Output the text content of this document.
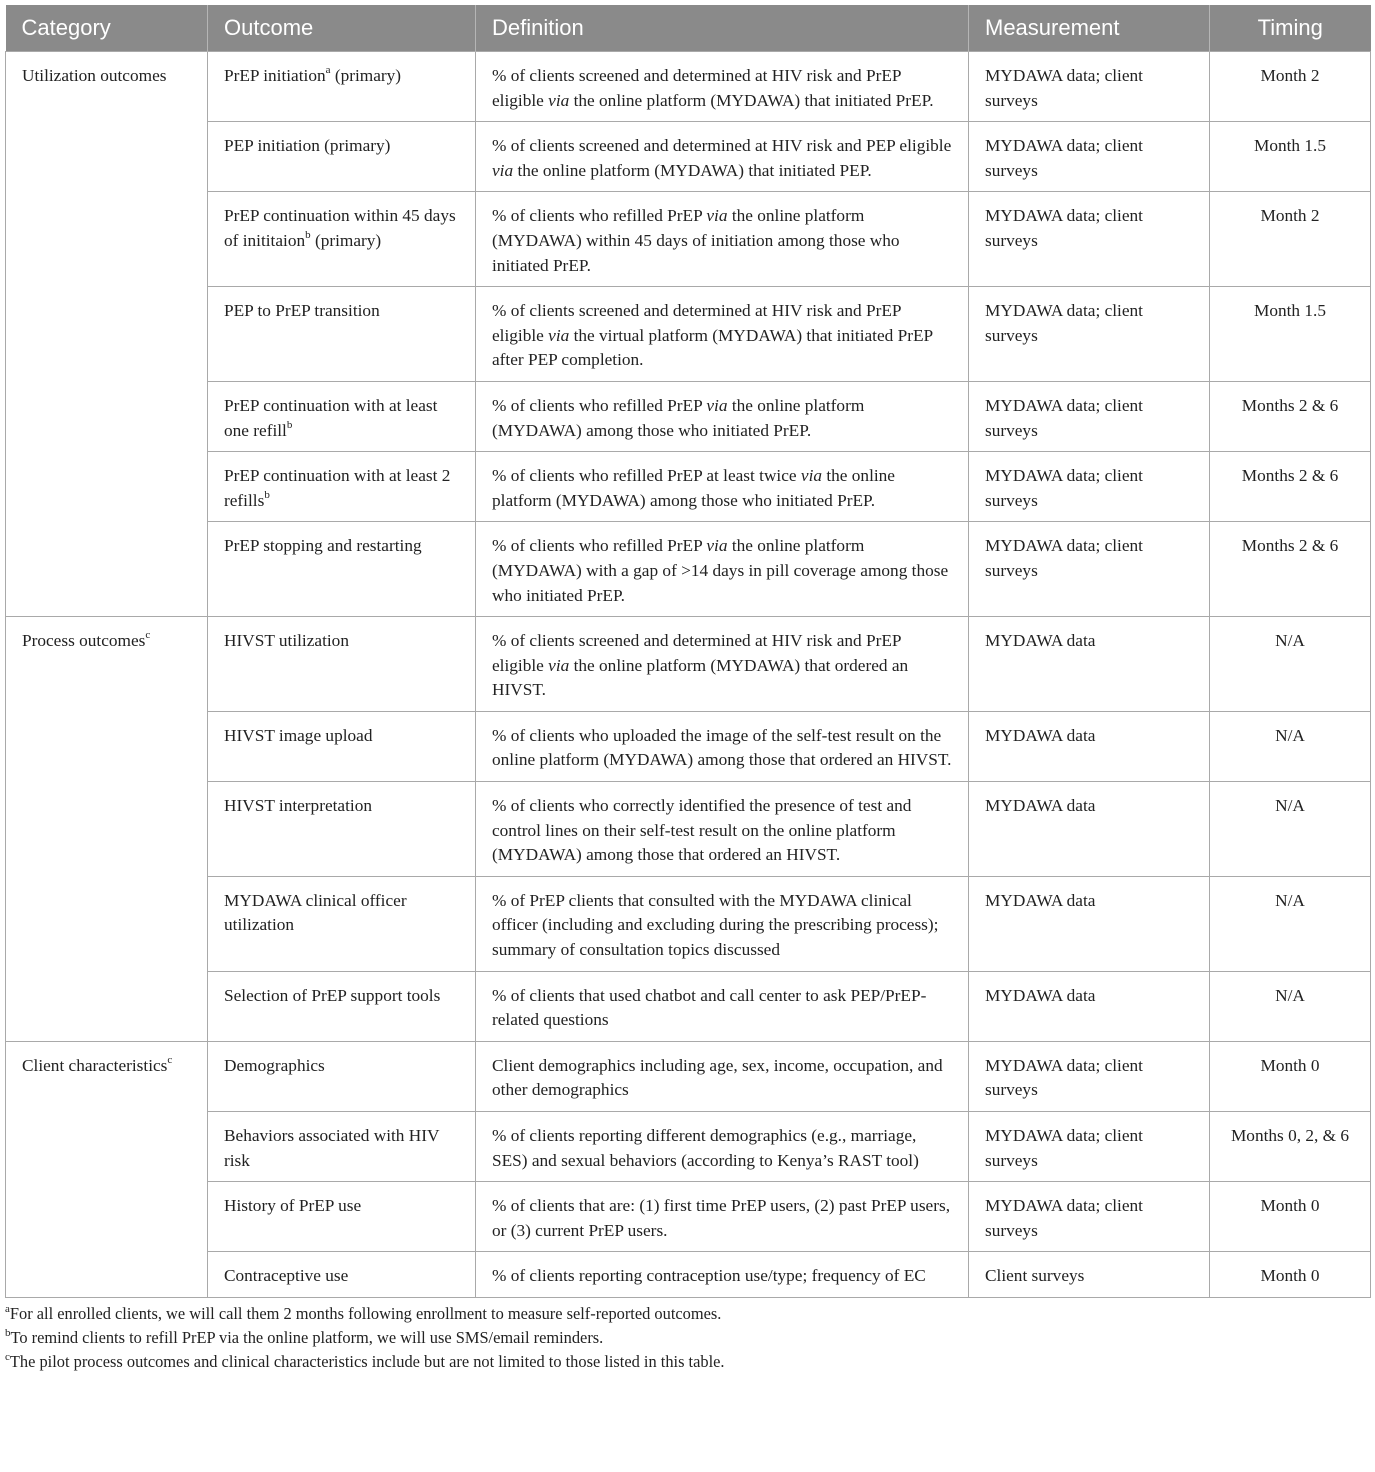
Category	Outcome	Definition	Measurement	Timing
Utilization outcomes	PrEP initiation$^a$ (primary)	% of clients screened and determined at HIV risk and PrEP eligible via the online platform (MYDAWA) that initiated PrEP.	MYDAWA data; client surveys	Month 2
	PEP initiation (primary)	% of clients screened and determined at HIV risk and PEP eligible via the online platform (MYDAWA) that initiated PEP.	MYDAWA data; client surveys	Month 1.5
	PrEP continuation within 45 days of inititaion$^b$ (primary)	% of clients who refilled PrEP via the online platform (MYDAWA) within 45 days of initiation among those who initiated PrEP.	MYDAWA data; client surveys	Month 2
	PEP to PrEP transition	% of clients screened and determined at HIV risk and PrEP eligible via the virtual platform (MYDAWA) that initiated PrEP after PEP completion.	MYDAWA data; client surveys	Month 1.5
	PrEP continuation with at least one refill$^b$	% of clients who refilled PrEP via the online platform (MYDAWA) among those who initiated PrEP.	MYDAWA data; client surveys	Months 2 & 6
	PrEP continuation with at least 2 refills$^b$	% of clients who refilled PrEP at least twice via the online platform (MYDAWA) among those who initiated PrEP.	MYDAWA data; client surveys	Months 2 & 6
	PrEP stopping and restarting	% of clients who refilled PrEP via the online platform (MYDAWA) with a gap of >14 days in pill coverage among those who initiated PrEP.	MYDAWA data; client surveys	Months 2 & 6
Process outcomes$^c$	HIVST utilization	% of clients screened and determined at HIV risk and PrEP eligible via the online platform (MYDAWA) that ordered an HIVST.	MYDAWA data	N/A
	HIVST image upload	% of clients who uploaded the image of the self-test result on the online platform (MYDAWA) among those that ordered an HIVST.	MYDAWA data	N/A
	HIVST interpretation	% of clients who correctly identified the presence of test and control lines on their self-test result on the online platform (MYDAWA) among those that ordered an HIVST.	MYDAWA data	N/A
	MYDAWA clinical officer utilization	% of PrEP clients that consulted with the MYDAWA clinical officer (including and excluding during the prescribing process); summary of consultation topics discussed	MYDAWA data	N/A
	Selection of PrEP support tools	% of clients that used chatbot and call center to ask PEP/PrEP-related questions	MYDAWA data	N/A
Client characteristics$^c$	Demographics	Client demographics including age, sex, income, occupation, and other demographics	MYDAWA data; client surveys	Month 0
	Behaviors associated with HIV risk	% of clients reporting different demographics (e.g., marriage, SES) and sexual behaviors (according to Kenya’s RAST tool)	MYDAWA data; client surveys	Months 0, 2, & 6
	History of PrEP use	% of clients that are: (1) first time PrEP users, (2) past PrEP users, or (3) current PrEP users.	MYDAWA data; client surveys	Month 0
	Contraceptive use	% of clients reporting contraception use/type; frequency of EC	Client surveys	Month 0
$^a$For all enrolled clients, we will call them 2 months following enrollment to measure self-reported outcomes.
$^b$To remind clients to refill PrEP via the online platform, we will use SMS/email reminders.
$^c$The pilot process outcomes and clinical characteristics include but are not limited to those listed in this table.
